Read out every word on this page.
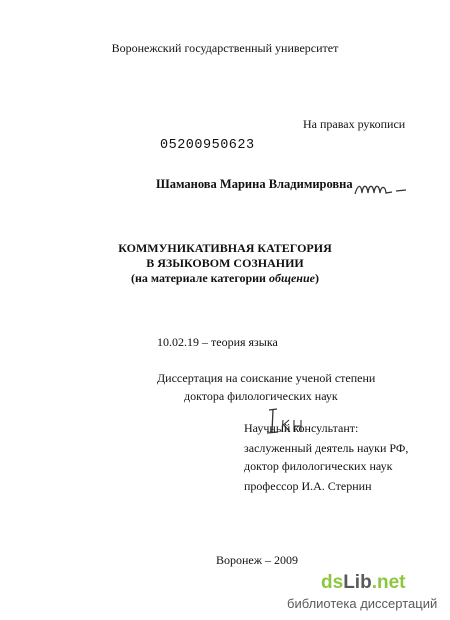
Воронежский государственный университет
На правах рукописи
05200950623
Шаманова Марина Владимировна
КОММУНИКАТИВНАЯ КАТЕГОРИЯ
В ЯЗЫКОВОМ СОЗНАНИИ
(на материале категории общение)
10.02.19 – теория языка
Диссертация на соискание ученой степени
доктора филологических наук
Научный консультант:
заслуженный деятель науки РФ,
доктор филологических наук
профессор И.А. Стернин
Воронеж – 2009
dsLib.net
библиотека диссертаций
